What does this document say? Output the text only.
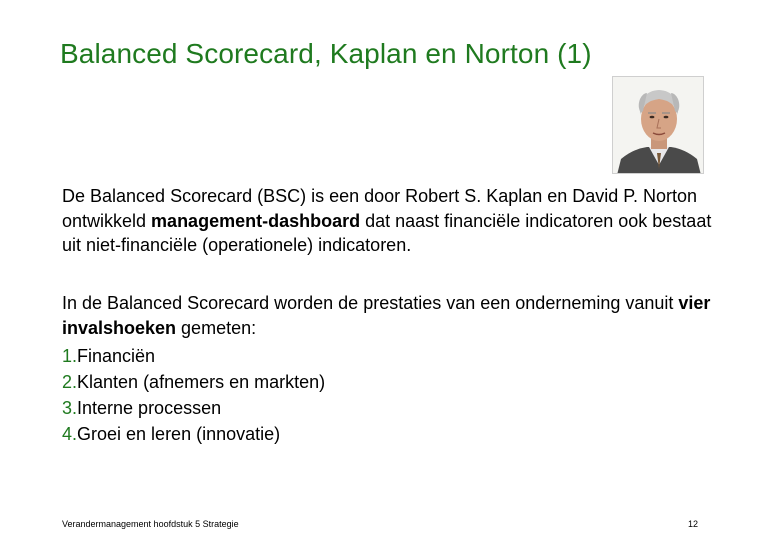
Balanced Scorecard, Kaplan en Norton (1)
De Balanced Scorecard (BSC) is een door Robert S. Kaplan en David P. Norton ontwikkeld management-dashboard dat naast financiële indicatoren ook bestaat uit niet-financiële (operationele) indicatoren.
In de Balanced Scorecard worden de prestaties van een onderneming vanuit vier invalshoeken gemeten:
1.Financiën
2.Klanten (afnemers en markten)
3.Interne processen
4.Groei en leren (innovatie)
Verandermanagement hoofdstuk 5 Strategie	12
